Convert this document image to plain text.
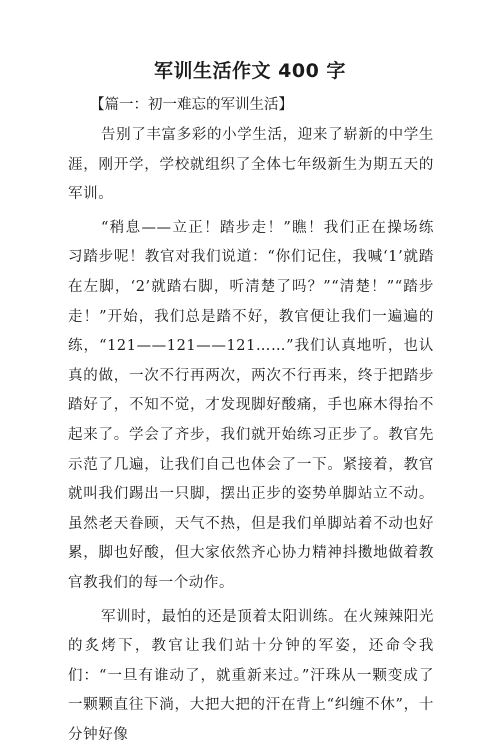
军训生活作文 400 字
【篇一：初一难忘的军训生活】

告别了丰富多彩的小学生活，迎来了崭新的中学生涯，刚开学，学校就组织了全体七年级新生为期五天的军训。

“稍息——立正！踏步走！”瞧！我们正在操场练习踏步呢！教官对我们说道：“你们记住，我喊‘1’就踏在左脚，‘2’就踏右脚，听清楚了吗？”“清楚！”“踏步走！”开始，我们总是踏不好，教官便让我们一遍遍的练，“121——121——121……”我们认真地听，也认真的做，一次不行再两次，两次不行再来，终于把踏步踏好了，不知不觉，才发现脚好酸痛，手也麻木得抬不起来了。学会了齐步，我们就开始练习正步了。教官先示范了几遍，让我们自己也体会了一下。紧接着，教官就叫我们踢出一只脚，摆出正步的姿势单脚站立不动。虽然老天眷顾，天气不热，但是我们单脚站着不动也好累，脚也好酸，但大家依然齐心协力精神抖擞地做着教官教我们的每一个动作。

军训时，最怕的还是顶着太阳训练。在火辣辣阳光的炙烤下，教官让我们站十分钟的军姿，还命令我们：“一旦有谁动了，就重新来过。”汗珠从一颗变成了一颗颗直往下淌，大把大把的汗在背上“纠缠不休”，十分钟好像
